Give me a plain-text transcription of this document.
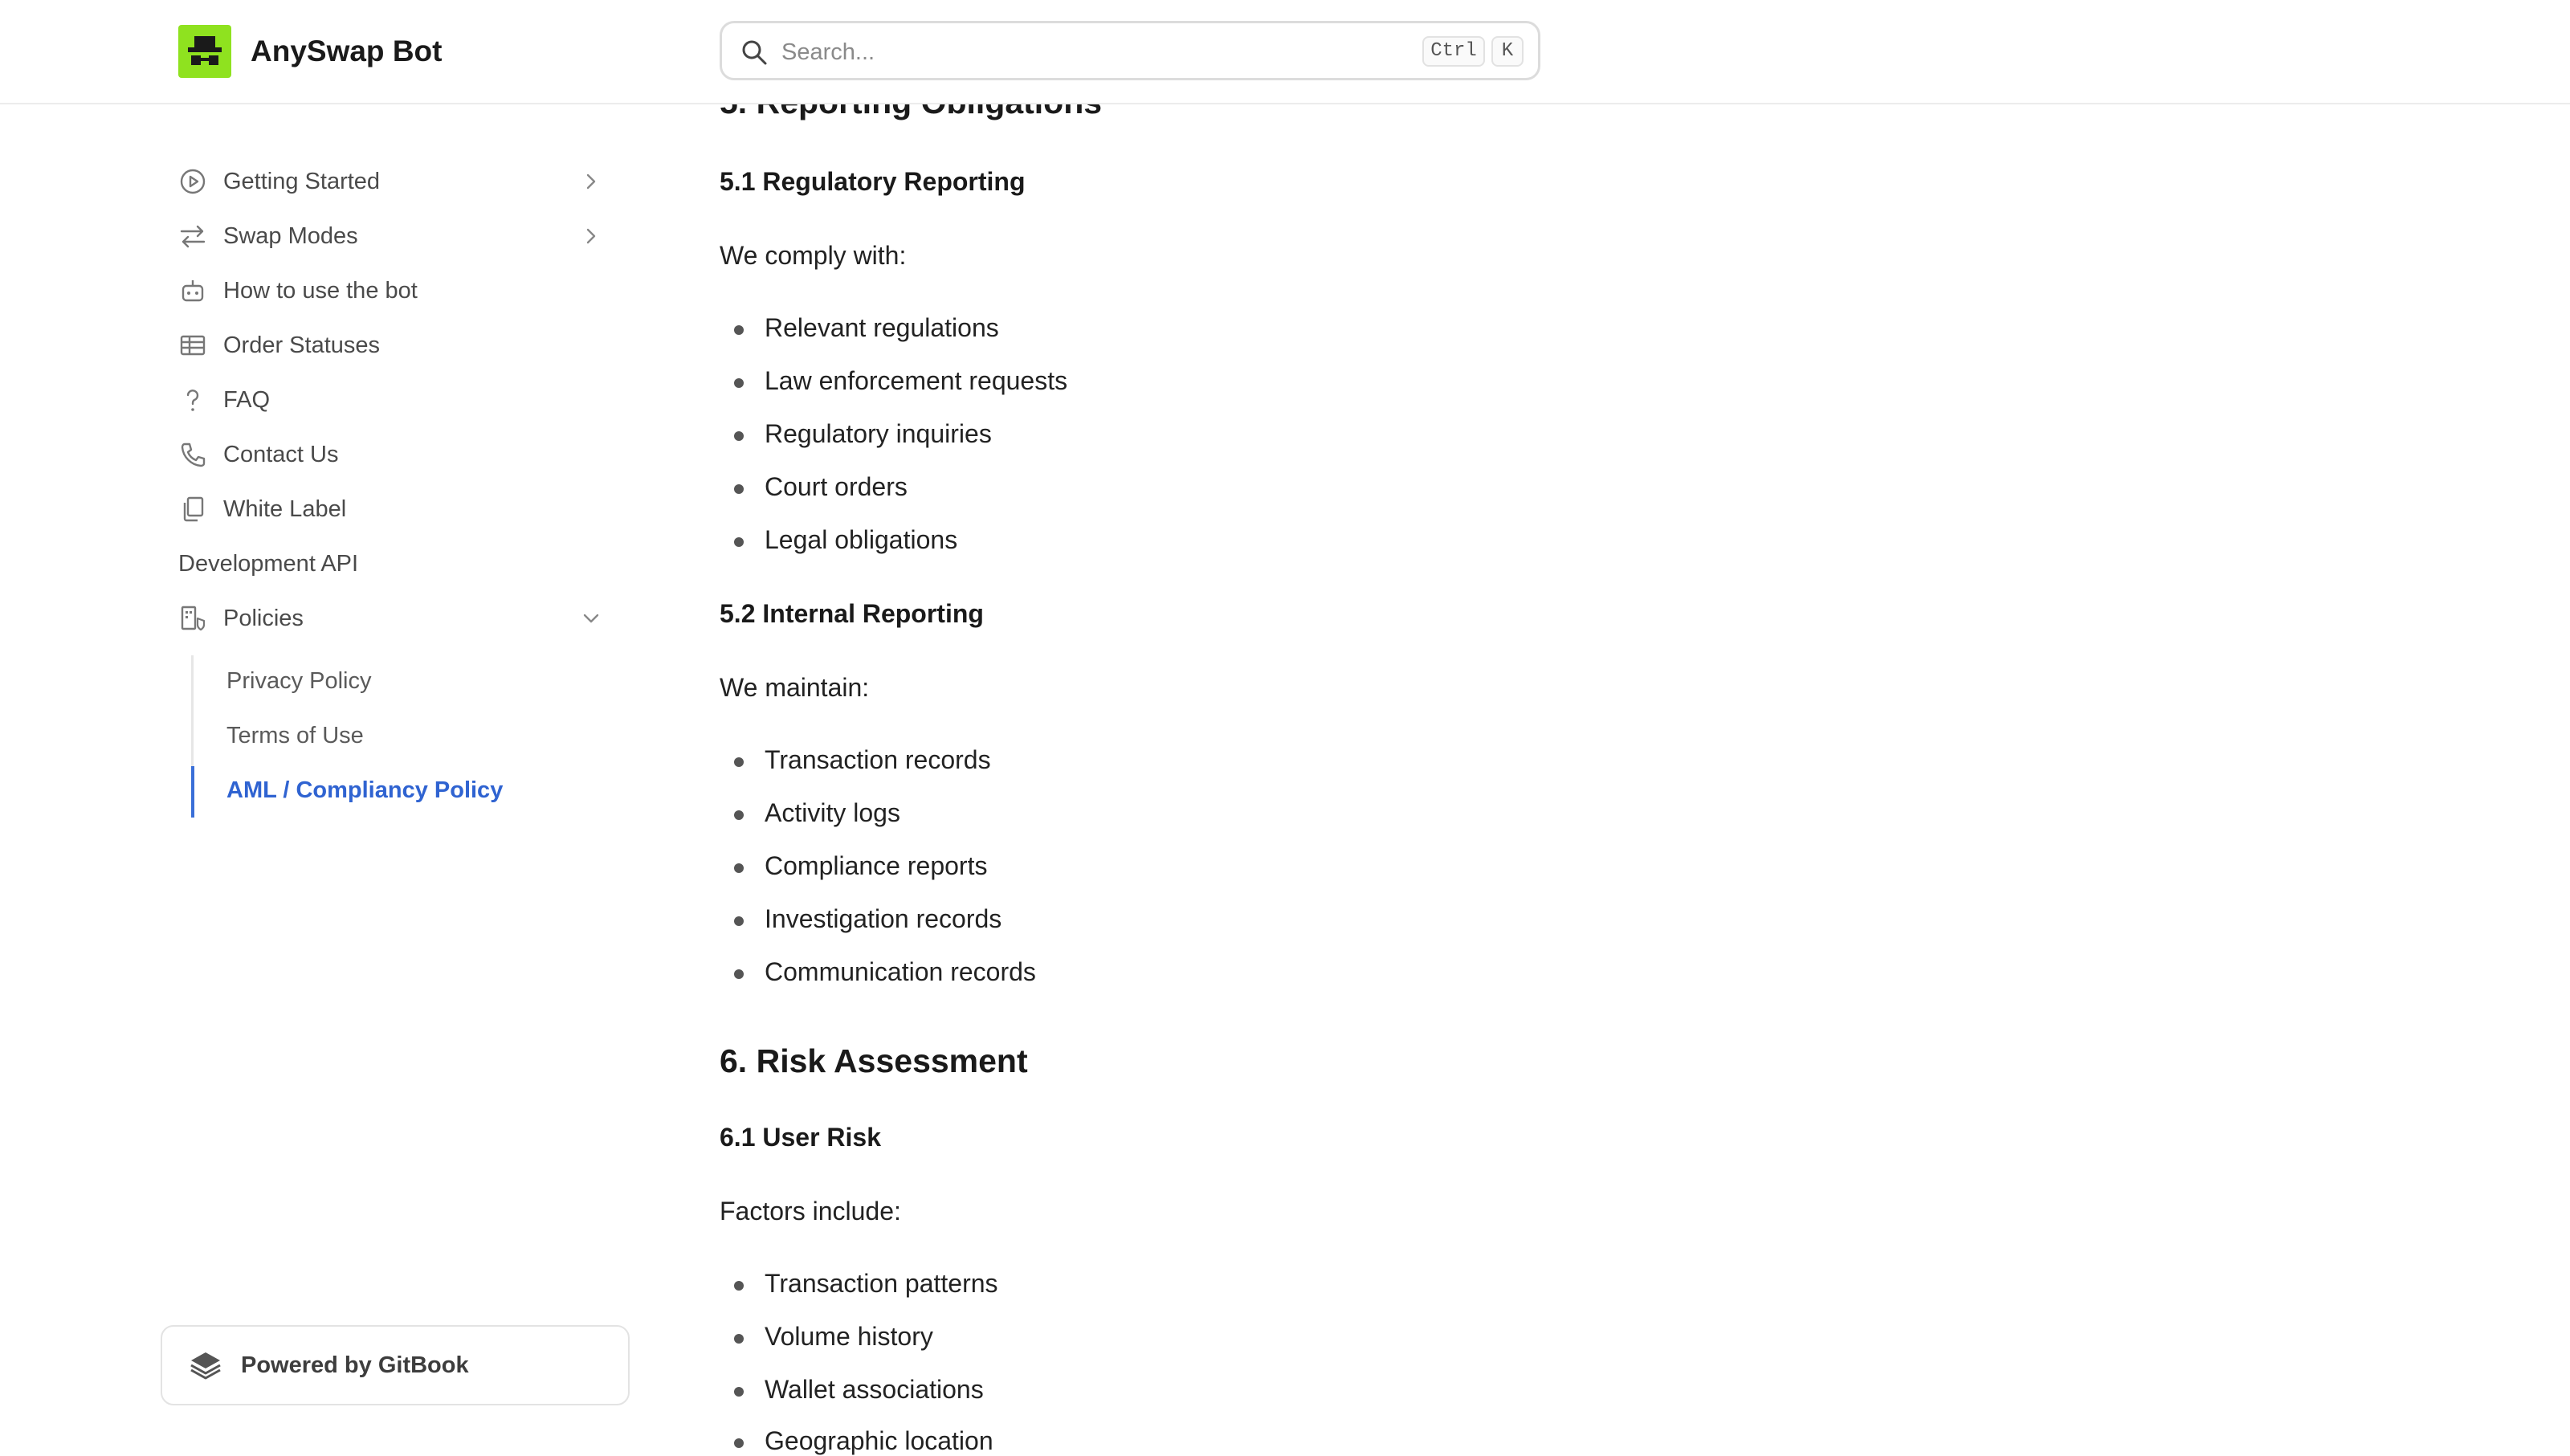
AnySwap Bot
Search...	Ctrl	K
Getting Started
Swap Modes
How to use the bot
Order Statuses
FAQ
Contact Us
White Label
Development API
Policies
Privacy Policy
Terms of Use
AML / Compliancy Policy
Powered by GitBook
5.1 Regulatory Reporting
We comply with:
Relevant regulations
Law enforcement requests
Regulatory inquiries
Court orders
Legal obligations
5.2 Internal Reporting
We maintain:
Transaction records
Activity logs
Compliance reports
Investigation records
Communication records
6. Risk Assessment
6.1 User Risk
Factors include:
Transaction patterns
Volume history
Wallet associations
Geographic location
